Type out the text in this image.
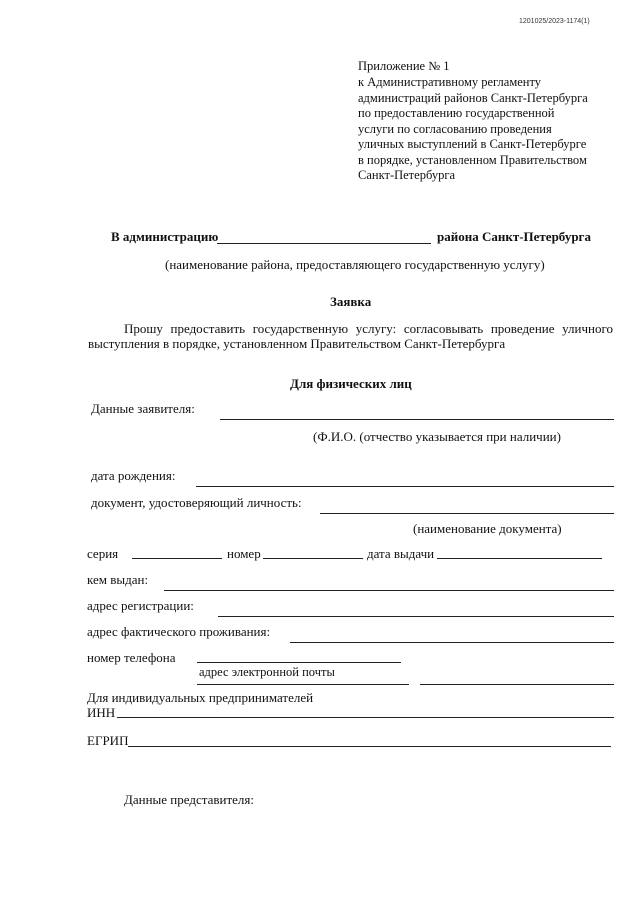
1201025/2023-1174(1)
Приложение № 1
к Административному регламенту
администраций районов Санкт-Петербурга
по предоставлению государственной
услуги по согласованию проведения
уличных выступлений в Санкт-Петербурге
в порядке, установленном Правительством
Санкт-Петербурга
В администрацию	района Санкт-Петербурга
(наименование района, предоставляющего государственную услугу)
Заявка
Прошу предоставить государственную услугу: согласовывать проведение уличного
выступления в порядке, установленном Правительством Санкт-Петербурга
Для физических лиц
Данные заявителя:
(Ф.И.О. (отчество указывается при наличии)
дата рождения:
документ, удостоверяющий личность:
(наименование документа)
серия	номер	дата выдачи
кем выдан:
адрес регистрации:
адрес фактического проживания:
номер телефона
адрес электронной почты
Для индивидуальных предпринимателей
ИНН
ЕГРИП
Данные представителя:
